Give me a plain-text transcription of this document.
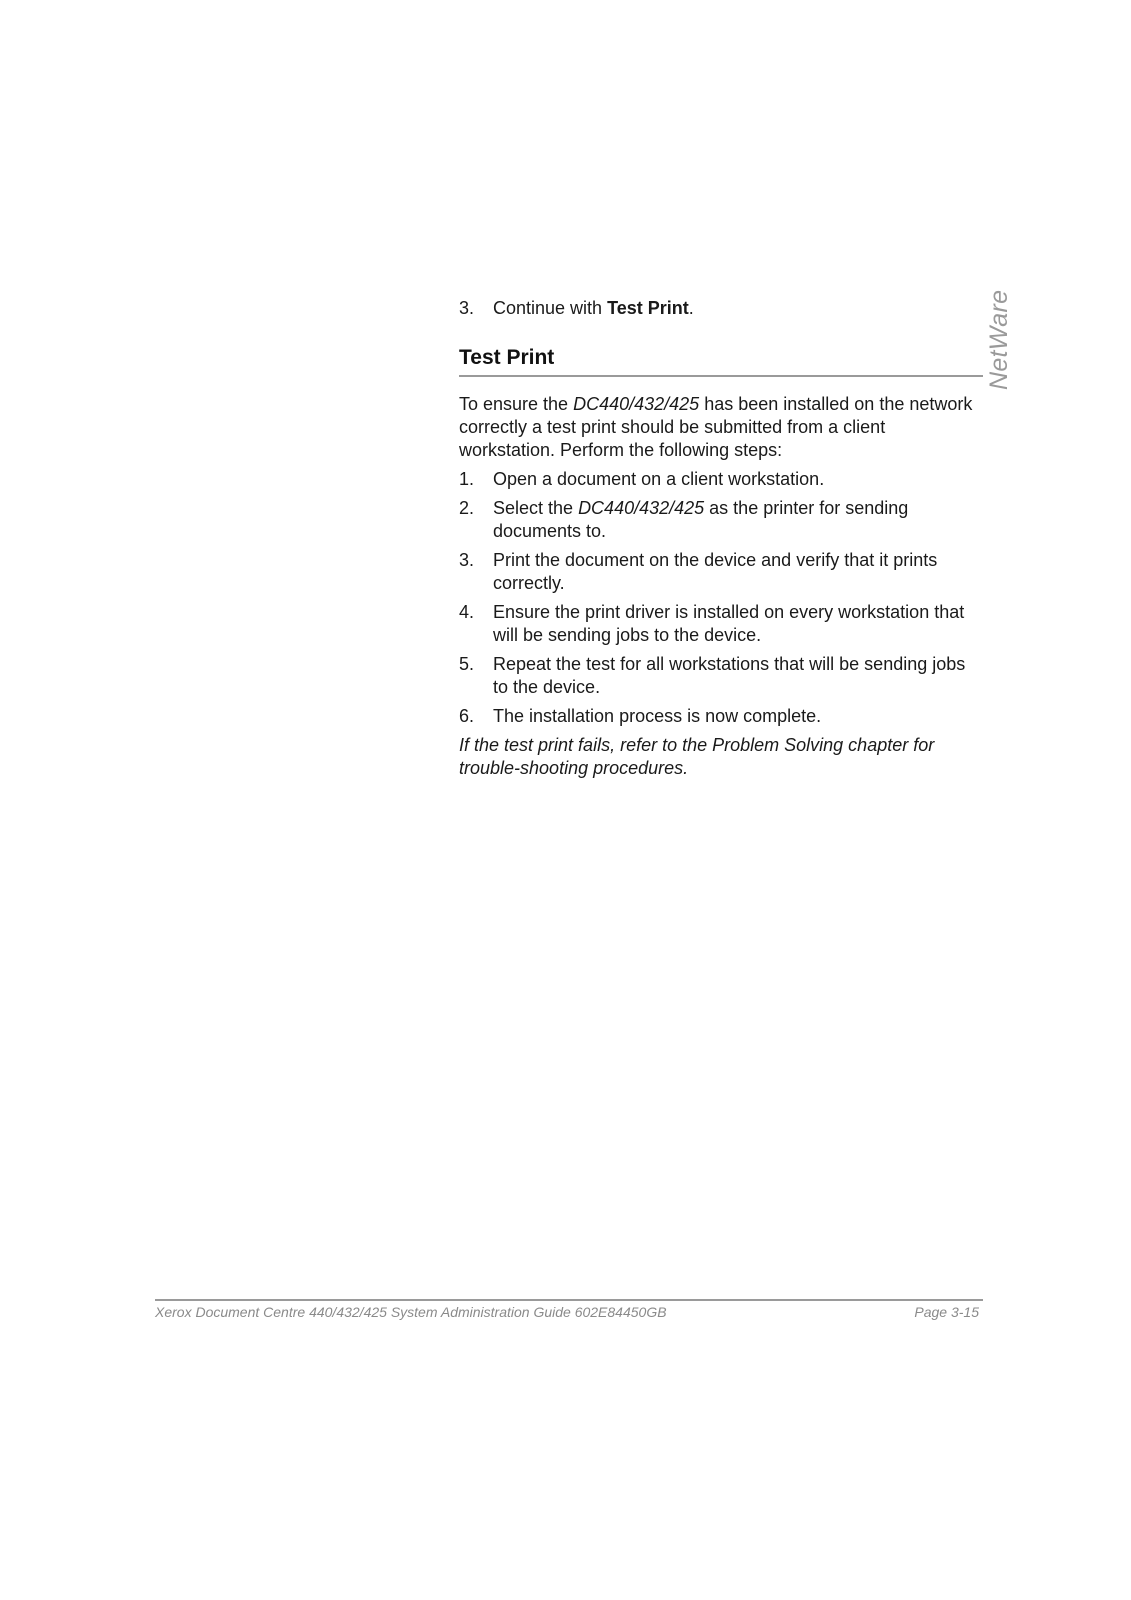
NetWare
3.	Continue with Test Print.
Test Print

To ensure the DC440/432/425 has been installed on the network correctly a test print should be submitted from a client workstation. Perform the following steps:

1.	Open a document on a client workstation.
2.	Select the DC440/432/425 as the printer for sending documents to.
3.	Print the document on the device and verify that it prints correctly.
4.	Ensure the print driver is installed on every workstation that will be sending jobs to the device.
5.	Repeat the test for all workstations that will be sending jobs to the device.
6.	The installation process is now complete.

If the test print fails, refer to the Problem Solving chapter for trouble-shooting procedures.

Xerox Document Centre 440/432/425 System Administration Guide 602E84450GB	Page 3-15
